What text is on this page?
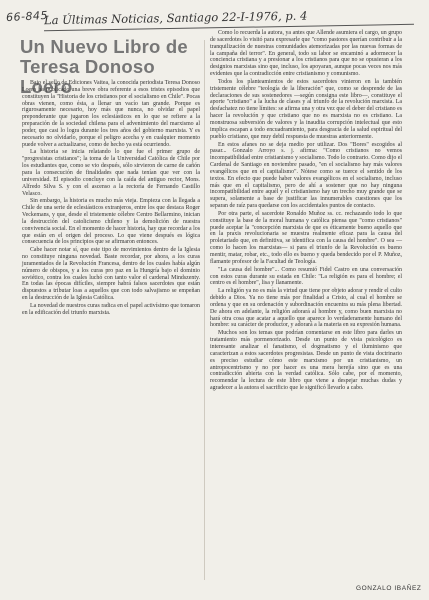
66-845
La Últimas Noticias, Santiago 22-I-1976, p. 4
Un Nuevo Libro de
Teresa Donoso Loero

Bajo el sello de Ediciones Vaitea, la conocida periodista Teresa Donoso Loero ha publicado una breve obra referente a esos tristes episodios que constituyen la "Historia de los cristianos por el socialismo en Chile". Pocas obras vienen, como ésta, a llenar un vacío tan grande. Porque es rigurosamente necesario, hoy más que nunca, no olvidar el papel preponderante que jugaron los eclesiásticos en lo que se refiere a la preparación de la sociedad chilena para el advenimiento del marxismo al poder, que casi lo logra durante los tres años del gobierno marxista. Y es necesario no olvidarlo, porque el peligro acecha y en cualquier momento puede volver a actualizarse, como de hecho ya está ocurriendo.

La historia se inicia relatando lo que fue el primer grupo de "progresistas cristianos"; la toma de la Universidad Católica de Chile por los estudiantes que, como se vio después, sólo sirvieron de carne de cañón para la consecución de finalidades que nada tenían que ver con la universidad. El episodio concluye con la caída del antiguo rector, Mons. Alfredo Silva S. y con el ascenso a la rectoría de Fernando Castillo Velasco.

Sin embargo, la historia es mucho más vieja. Empieza con la llegada a Chile de una serie de eclesiásticos extranjeros, entre los que destaca Roger Veckemans, y que, desde el tristemente célebre Centro Bellarmino, inician la destrucción del catolicismo chileno y la demolición de nuestra convivencia social. En el momento de hacer historia, hay que recordar a los que están en el origen del proceso. Lo que viene después es lógica consecuencia de los principios que se afirmaron entonces.

Cabe hacer notar sí, que este tipo de movimientos dentro de la Iglesia no constituye ninguna novedad. Baste recordar, por ahora, a los curas juramentados de la Revolución Francesa, dentro de los cuales había algún número de obispos, y a los curas pro paz en la Hungría bajo el dominio soviético, contra los cuales luchó con tanto valor el cardenal Mindszenty. En todas las épocas difíciles, siempre habrá falsos sacerdotes que están dispuestos a tributar loas a aquellos que con todo salvajismo se empeñan en la destrucción de la Iglesia Católica.

La novedad de nuestros curas radica en el papel activísimo que tomaron en la edificación del triunfo marxista.

Como lo recuerda la autora, ya antes que Allende asumiera el cargo, un grupo de sacerdotes lo visitó para expresarle que "como pastores querían contribuir a la tranquilización de nuestras comunidades atemorizadas por las nuevas formas de la campaña del terror". En general, todo su labor se encaminó a adormecer la conciencia cristiana y a presionar a los cristianos para que no se opusieran a los designios marxistas sino que, incluso, los apoyaran, aunque pocas veces nos más evidentes que la contradicción entre cristianismo y comunismo.

Todos los planteamientos de estos sacerdotes vinieron en la también tristemente célebre "teología de la liberación" que, como se desprende de las declaraciones de sus sostenedores —según consigna este libro—, constituye el aporte "cristiano" a la lucha de clases y al triunfo de la revolución marxista. La desfachatez no tiene límites: se afirma una y otra vez que el deber del cristiano es hacer la revolución y que cristiano que no es marxista no es cristiano. La monstruosa subversión de valores y la inaudita corrupción intelectual que esto implica escapan a todo encuadramiento, para desgracia de la salud espiritual del pueblo cristiano, que muy debil respuesta de muestras anteriormente.

En estos afanes no se deja medio por utilizar. Dos "Bores" escogidos al pasar... Gonzalo Arroyo s. j. afirma: "Como cristianos no vemos incompatibilidad entre cristianismo y socialismo. Todo lo contrario. Como dijo el Cardenal de Santiago en noviembre pasado, "en el socialismo hay más valores evangélicos que en el capitalismo". Nótese como se tuerce el sentido de los textos. En efecto que puede haber valores evangélicos en el socialismo, incluso más que en el capitalismo, pero de ahí a sostener que no hay ninguna incompatibilidad entre aquél y el cristianismo hay un trecho muy grande que se supera, solamente a base de justificar las innumerables cuestiones que los separan de raíz para quedarse con los accidentales puntos de contacto.

Por otra parte, el sacerdote Ronaldo Muñoz ss. cc. rechazando todo lo que constituye la base de la moral humana y católica piensa que "como cristianos" puede aceptar la "concepción marxista de que es éticamente bueno aquello que en la praxis revolucionaria se muestra realmente eficaz para la causa del proletariado que, en definitiva, se identifica con la causa del hombre". O sea —como lo hacen los marxistas— si para el triunfo de la Revolución es bueno mentir, matar, robar, etc., todo ello es bueno y queda bendecido por el P. Muñoz, flamante profesor de la Facultad de Teología.

"La causa del hombre"... Como resumió Fidel Castro en una conversación con estos curas durante su estada en Chile: "La religión es para el hombre; el centro es el hombre", lisa y llanamente.

La religión ya no es más la virtud que tiene por objeto adorar y rendir el culto debido a Dios. Ya no tiene más por finalidad a Cristo, al cual el hombre se ordena y que en su ordenación y subordinación encuentra su más plena libertad. De ahora en adelante, la religión adorará al hombre y, como buen marxista no hará otra cosa que acatar a aquello que aparece lo verdaderamente humano del hombre: su carácter de productor, y adorará a la materia en su expresión humana.

Muchos son los temas que podrían comentarse en este libro para darles un tratamiento más pormenorizado. Desde un punto de vista psicológico es interesante analizar el fanatismo, el dogmatismo y el iluminismo que caracterizan a estos sacerdotes progresistas. Desde un punto de vista doctrinario es preciso estudiar cómo este marxismo por un cristianismo, un antropocentrismo y no por hacer es una mera herejía sino que es una contradicción abierta con la verdad católica. Sólo cabe, por el momento, recomendar la lectura de este libro que viene a despejar muchas dudas y agradecer a la autora el sacrificio que le significó llevarlo a cabo.

GONZALO IBAÑEZ
